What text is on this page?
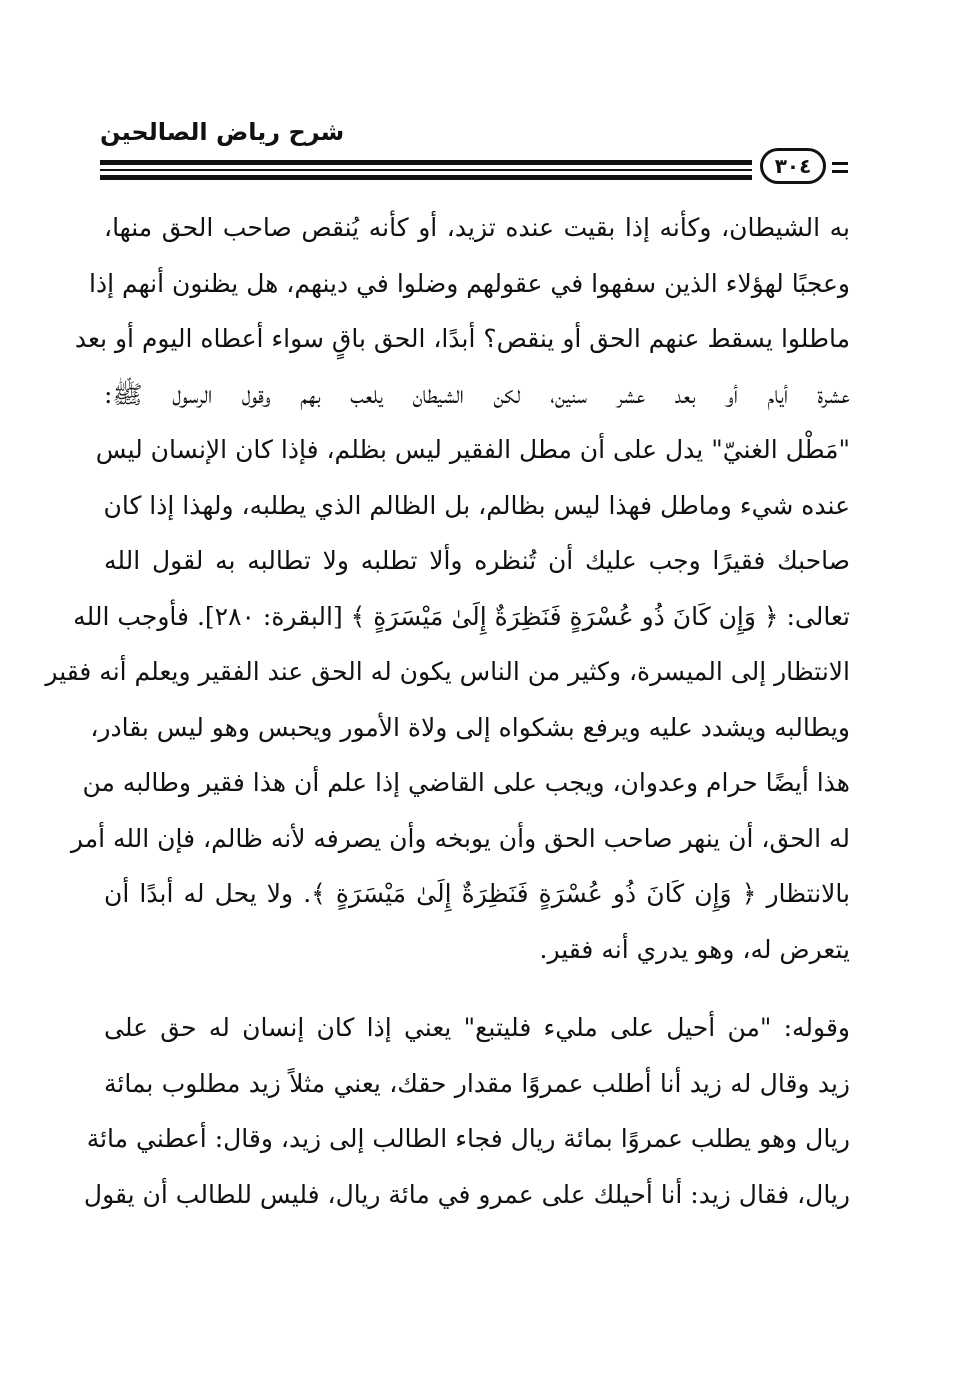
شرح رياض الصالحين
٣٠٤
به الشيطان، وكأنه إذا بقيت عنده تزيد، أو كأنه يُنقص صاحب الحق منها،
وعجبًا لهؤلاء الذين سفهوا في عقولهم وضلوا في دينهم، هل يظنون أنهم إذا
ماطلوا يسقط عنهم الحق أو ينقص؟ أبدًا، الحق باقٍ سواء أعطاه اليوم أو بعد
عشرة أيام أو بعد عشر سنين، لكن الشيطان يلعب بهم وقول الرسول ﷺ:
"مَطْل الغنيّ" يدل على أن مطل الفقير ليس بظلم، فإذا كان الإنسان ليس
عنده شيء وماطل فهذا ليس بظالم، بل الظالم الذي يطلبه، ولهذا إذا كان
صاحبك فقيرًا وجب عليك أن تُنظره وألا تطلبه ولا تطالبه به لقول الله
تعالى: ﴿ وَإِن كَانَ ذُو عُسْرَةٍ فَنَظِرَةٌ إِلَىٰ مَيْسَرَةٍ ﴾ [البقرة: ٢٨٠]. فأوجب الله
الانتظار إلى الميسرة، وكثير من الناس يكون له الحق عند الفقير ويعلم أنه فقير
ويطالبه ويشدد عليه ويرفع بشكواه إلى ولاة الأمور ويحبس وهو ليس بقادر،
هذا أيضًا حرام وعدوان، ويجب على القاضي إذا علم أن هذا فقير وطالبه من
له الحق، أن ينهر صاحب الحق وأن يوبخه وأن يصرفه لأنه ظالم، فإن الله أمر
بالانتظار ﴿ وَإِن كَانَ ذُو عُسْرَةٍ فَنَظِرَةٌ إِلَىٰ مَيْسَرَةٍ ﴾. ولا يحل له أبدًا أن
يتعرض له، وهو يدري أنه فقير.
وقوله: "من أحيل على مليء فليتبع" يعني إذا كان إنسان له حق على
زيد وقال له زيد أنا أطلب عمروًا مقدار حقك، يعني مثلاً زيد مطلوب بمائة
ريال وهو يطلب عمروًا بمائة ريال فجاء الطالب إلى زيد، وقال: أعطني مائة
ريال، فقال زيد: أنا أحيلك على عمرو في مائة ريال، فليس للطالب أن يقول
